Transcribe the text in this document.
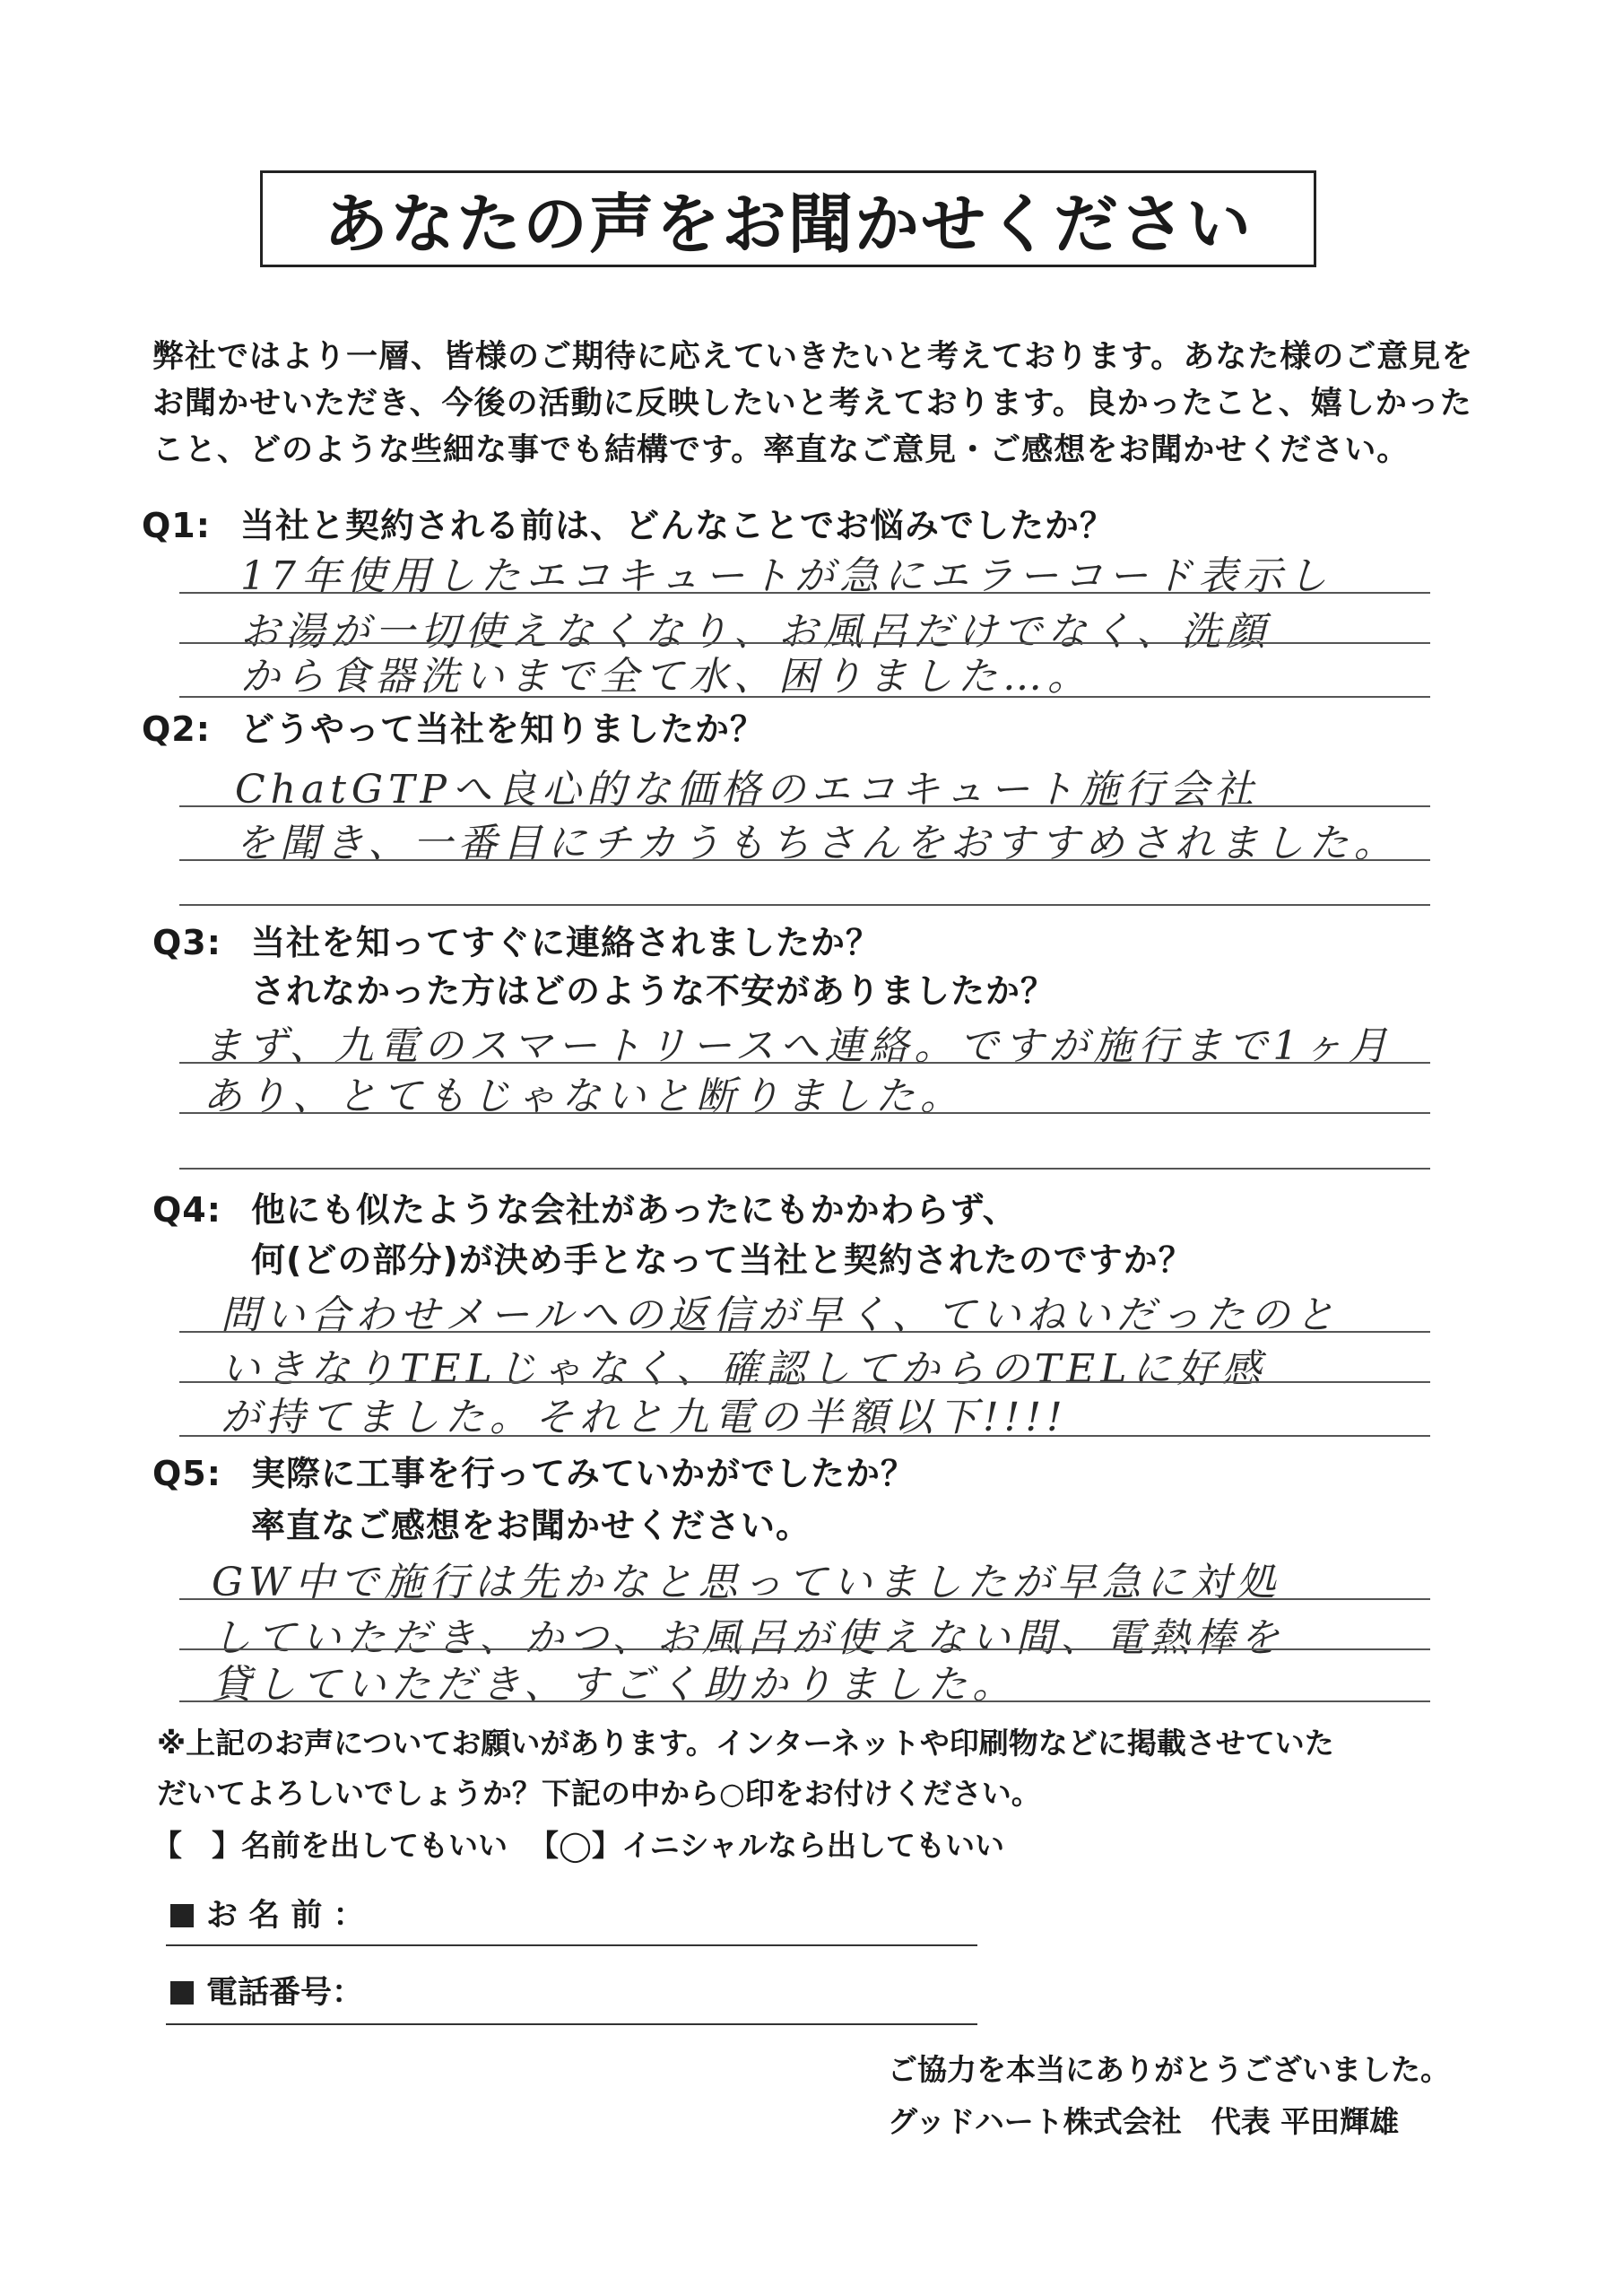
あなたの声をお聞かせください
弊社ではより一層、皆様のご期待に応えていきたいと考えております。あなた様のご意見を
お聞かせいただき、今後の活動に反映したいと考えております。良かったこと、嬉しかった
こと、どのような些細な事でも結構です。率直なご意見・ご感想をお聞かせください。
Q1: 当社と契約される前は、どんなことでお悩みでしたか？
17年使用したエコキュートが急にエラーコード表示し
お湯が一切使えなくなり、お風呂だけでなく、洗顔
から食器洗いまで全て水、困りました…。
Q2: どうやって当社を知りましたか？
ChatGTPへ良心的な価格のエコキュート施行会社
を聞き、一番目にチカうもちさんをおすすめされました。
Q3: 当社を知ってすぐに連絡されましたか？
されなかった方はどのような不安がありましたか？
まず、九電のスマートリースへ連絡。ですが施行まで1ヶ月
あり、とてもじゃないと断りました。
Q4: 他にも似たような会社があったにもかかわらず、
何(どの部分)が決め手となって当社と契約されたのですか？
問い合わせメールへの返信が早く、ていねいだったのと
いきなりTELじゃなく、確認してからのTELに好感
が持てました。それと九電の半額以下!!!!
Q5: 実際に工事を行ってみていかがでしたか？
率直なご感想をお聞かせください。
GW中で施行は先かなと思っていましたが早急に対処
していただき、かつ、お風呂が使えない間、電熱棒を
貸していただき、すごく助かりました。
※上記のお声についてお願いがあります。インターネットや印刷物などに掲載させていた
だいてよろしいでしょうか？下記の中から○印をお付けください。
【　】名前を出してもいい 【◯】イニシャルなら出してもいい
お 名 前 ：
電話番号：
ご協力を本当にありがとうございました。
グッドハート株式会社　代表 平田輝雄
